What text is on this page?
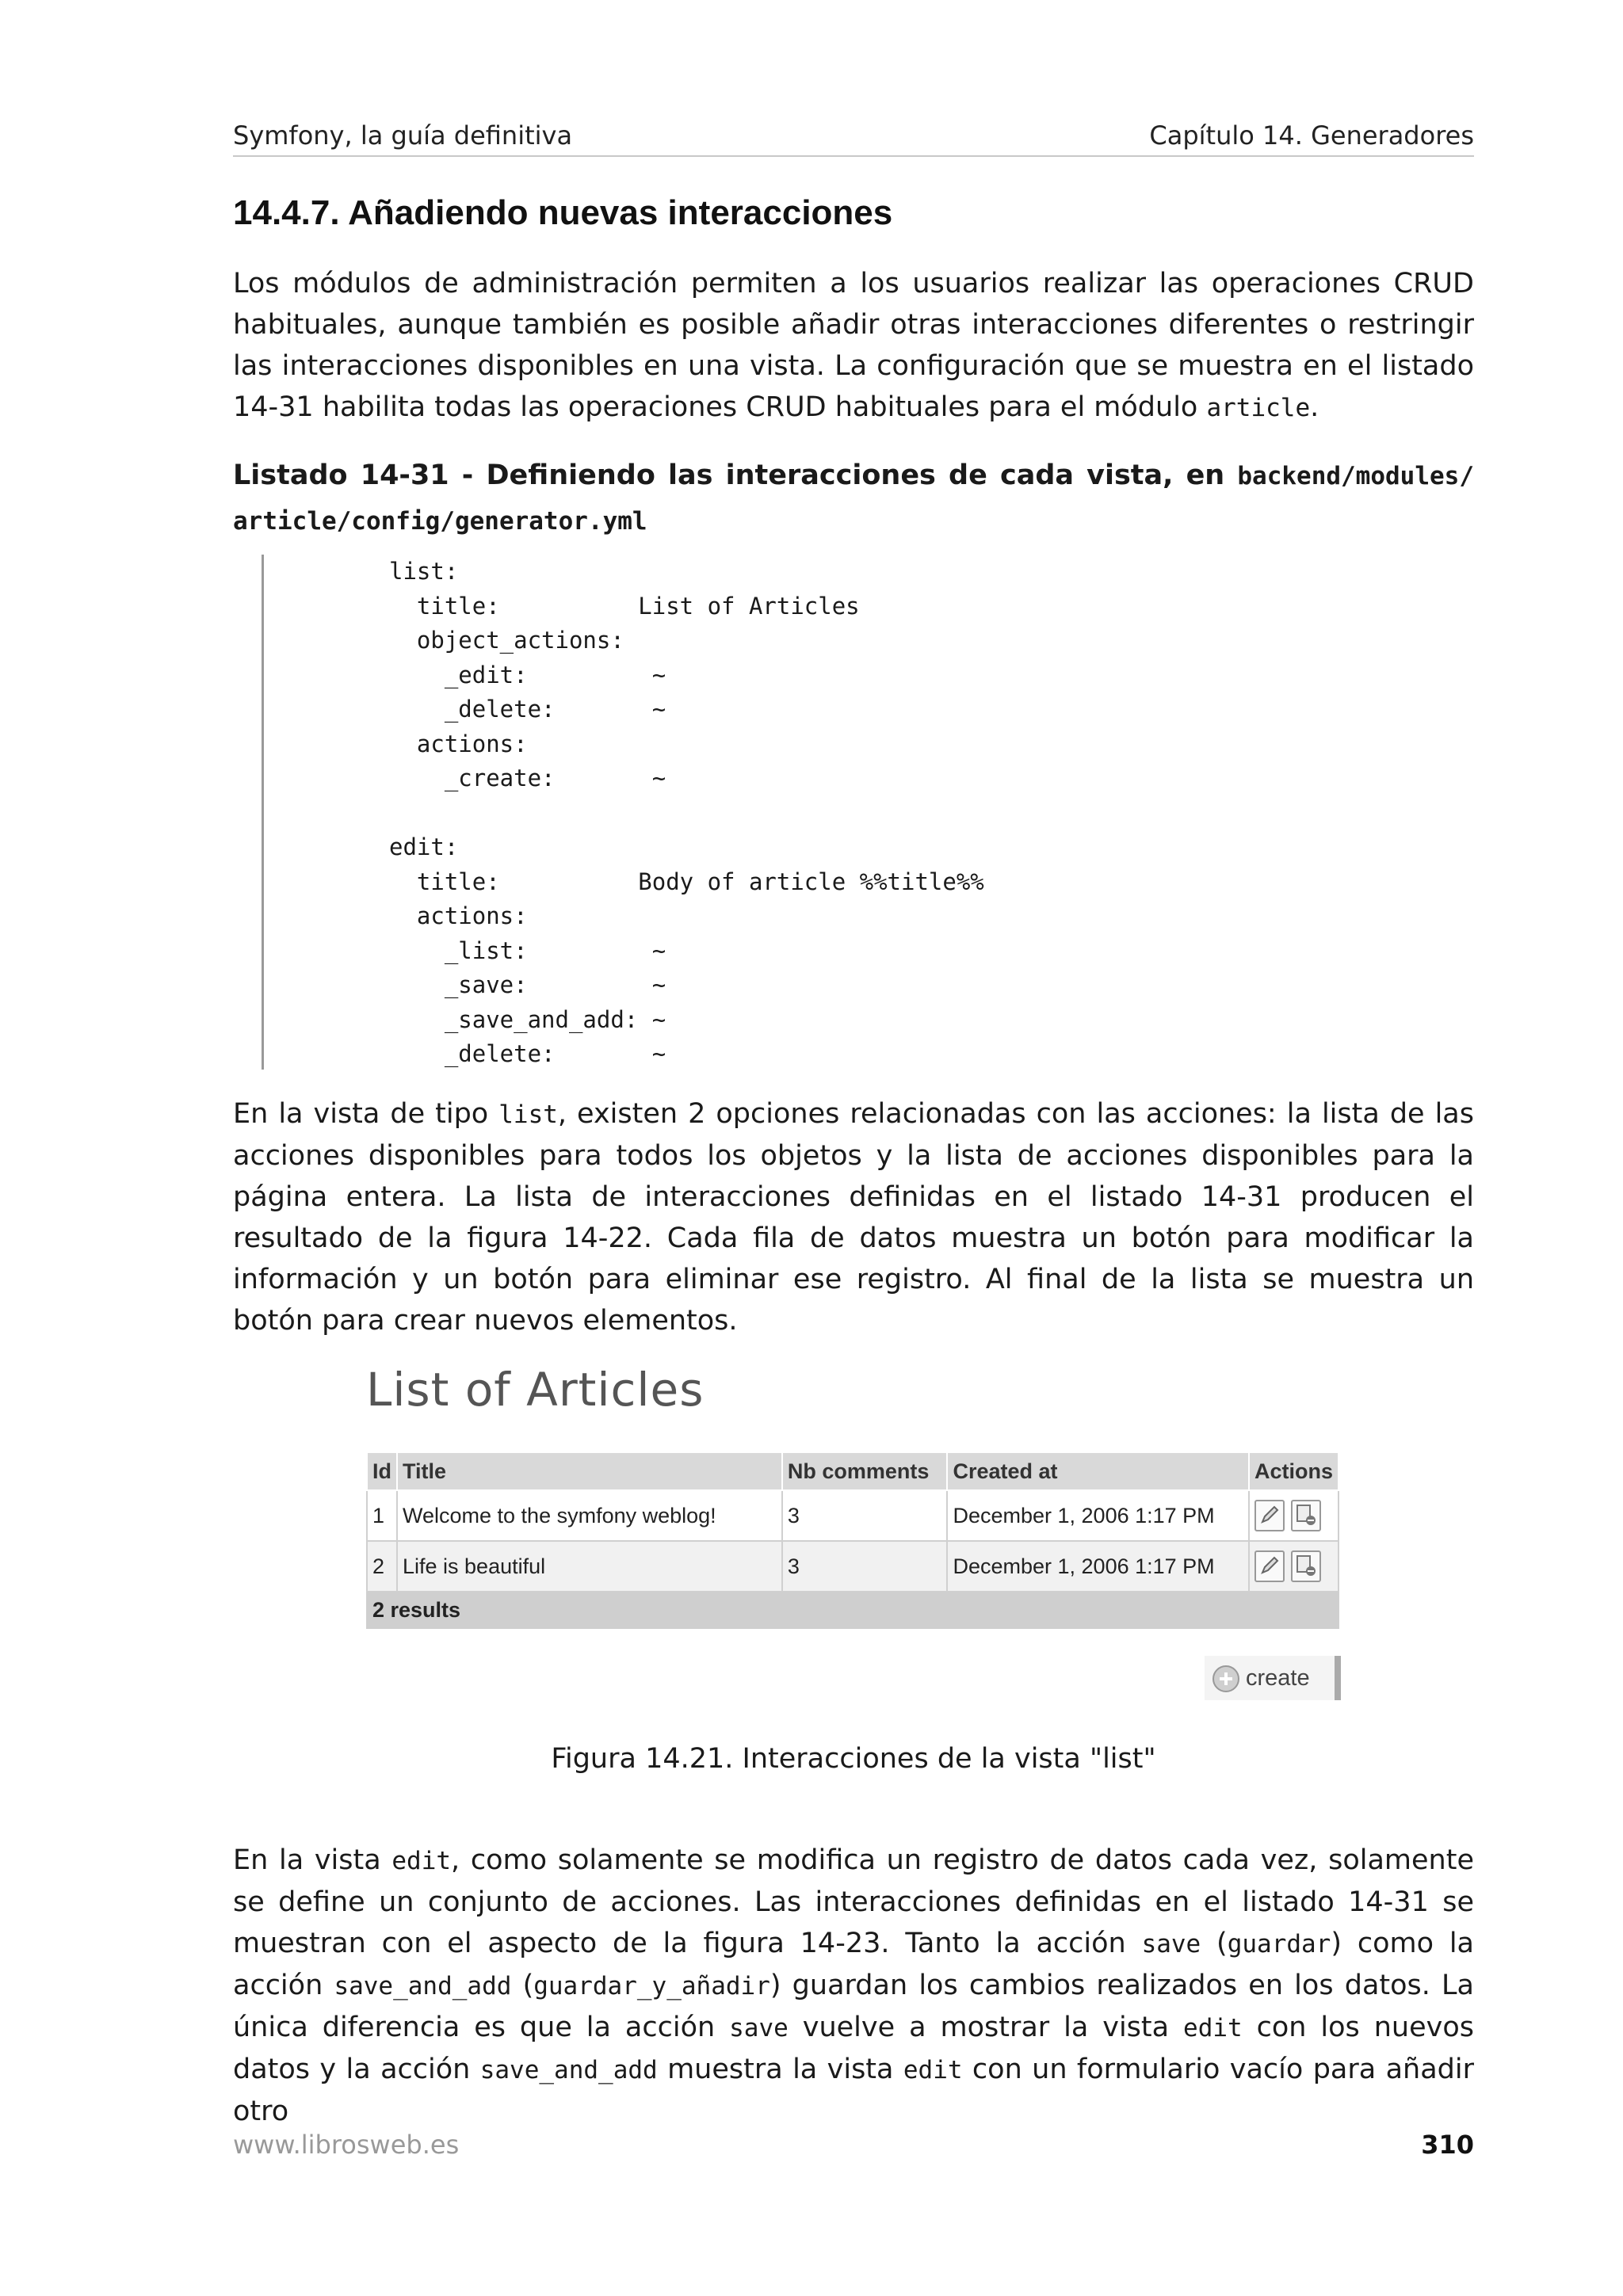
Symfony, la guía definitiva	Capítulo 14. Generadores
14.4.7. Añadiendo nuevas interacciones

Los módulos de administración permiten a los usuarios realizar las operaciones CRUD habituales, aunque también es posible añadir otras interacciones diferentes o restringir las interacciones disponibles en una vista. La configuración que se muestra en el listado 14-31 habilita todas las operaciones CRUD habituales para el módulo article.

Listado 14-31 - Definiendo las interacciones de cada vista, en backend/modules/ article/config/generator.yml
list:
title:          List of Articles
object_actions:
_edit:         ~
_delete:       ~
actions:
_create:       ~

edit:
title:          Body of article %%title%%
actions:
_list:         ~
_save:         ~
_save_and_add: ~
_delete:       ~

En la vista de tipo list, existen 2 opciones relacionadas con las acciones: la lista de las acciones disponibles para todos los objetos y la lista de acciones disponibles para la página entera. La lista de interacciones definidas en el listado 14-31 producen el resultado de la figura 14-22. Cada fila de datos muestra un botón para modificar la información y un botón para eliminar ese registro. Al final de la lista se muestra un botón para crear nuevos elementos.

List of Articles
Id	Title	Nb comments	Created at	Actions
1	Welcome to the symfony weblog!	3	December 1, 2006 1:17 PM	

2	Life is beautiful	3	December 1, 2006 1:17 PM	

2 results				
create
Figura 14.21. Interacciones de la vista "list"

En la vista edit, como solamente se modifica un registro de datos cada vez, solamente se define un conjunto de acciones. Las interacciones definidas en el listado 14-31 se muestran con el aspecto de la figura 14-23. Tanto la acción save (guardar) como la acción save_and_add (guardar_y_añadir) guardan los cambios realizados en los datos. La única diferencia es que la acción save vuelve a mostrar la vista edit con los nuevos datos y la acción save_and_add muestra la vista edit con un formulario vacío para añadir otro

www.librosweb.es	310
